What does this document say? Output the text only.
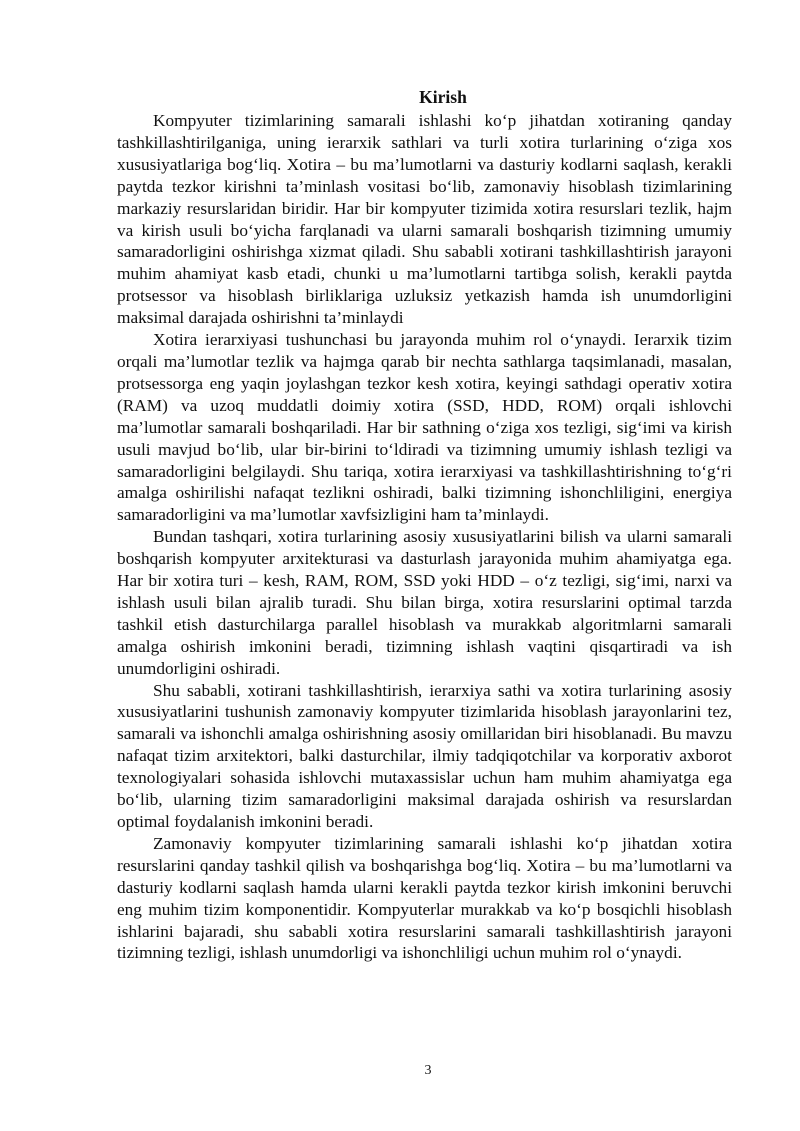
Kirish

Kompyuter tizimlarining samarali ishlashi ko‘p jihatdan xotiraning qanday tashkillashtirilganiga, uning ierarxik sathlari va turli xotira turlarining o‘ziga xos xususiyatlariga bog‘liq. Xotira – bu ma’lumotlarni va dasturiy kodlarni saqlash, kerakli paytda tezkor kirishni ta’minlash vositasi bo‘lib, zamonaviy hisoblash tizimlarining markaziy resurslaridan biridir. Har bir kompyuter tizimida xotira resurslari tezlik, hajm va kirish usuli bo‘yicha farqlanadi va ularni samarali boshqarish tizimning umumiy samaradorligini oshirishga xizmat qiladi. Shu sababli xotirani tashkillashtirish jarayoni muhim ahamiyat kasb etadi, chunki u ma’lumotlarni tartibga solish, kerakli paytda protsessor va hisoblash birliklariga uzluksiz yetkazish hamda ish unumdorligini maksimal darajada oshirishni ta’minlaydi

Xotira ierarxiyasi tushunchasi bu jarayonda muhim rol o‘ynaydi. Ierarxik tizim orqali ma’lumotlar tezlik va hajmga qarab bir nechta sathlarga taqsimlanadi, masalan, protsessorga eng yaqin joylashgan tezkor kesh xotira, keyingi sathdagi operativ xotira (RAM) va uzoq muddatli doimiy xotira (SSD, HDD, ROM) orqali ishlovchi ma’lumotlar samarali boshqariladi. Har bir sathning o‘ziga xos tezligi, sig‘imi va kirish usuli mavjud bo‘lib, ular bir-birini to‘ldiradi va tizimning umumiy ishlash tezligi va samaradorligini belgilaydi. Shu tariqa, xotira ierarxiyasi va tashkillashtirishning to‘g‘ri amalga oshirilishi nafaqat tezlikni oshiradi, balki tizimning ishonchliligini, energiya samaradorligini va ma’lumotlar xavfsizligini ham ta’minlaydi.

Bundan tashqari, xotira turlarining asosiy xususiyatlarini bilish va ularni samarali boshqarish kompyuter arxitekturasi va dasturlash jarayonida muhim ahamiyatga ega. Har bir xotira turi – kesh, RAM, ROM, SSD yoki HDD – o‘z tezligi, sig‘imi, narxi va ishlash usuli bilan ajralib turadi. Shu bilan birga, xotira resurslarini optimal tarzda tashkil etish dasturchilarga parallel hisoblash va murakkab algoritmlarni samarali amalga oshirish imkonini beradi, tizimning ishlash vaqtini qisqartiradi va ish unumdorligini oshiradi.

Shu sababli, xotirani tashkillashtirish, ierarxiya sathi va xotira turlarining asosiy xususiyatlarini tushunish zamonaviy kompyuter tizimlarida hisoblash jarayonlarini tez, samarali va ishonchli amalga oshirishning asosiy omillaridan biri hisoblanadi. Bu mavzu nafaqat tizim arxitektori, balki dasturchilar, ilmiy tadqiqotchilar va korporativ axborot texnologiyalari sohasida ishlovchi mutaxassislar uchun ham muhim ahamiyatga ega bo‘lib, ularning tizim samaradorligini maksimal darajada oshirish va resurslardan optimal foydalanish imkonini beradi.

Zamonaviy kompyuter tizimlarining samarali ishlashi ko‘p jihatdan xotira resurslarini qanday tashkil qilish va boshqarishga bog‘liq. Xotira – bu ma’lumotlarni va dasturiy kodlarni saqlash hamda ularni kerakli paytda tezkor kirish imkonini beruvchi eng muhim tizim komponentidir. Kompyuterlar murakkab va ko‘p bosqichli hisoblash ishlarini bajaradi, shu sababli xotira resurslarini samarali tashkillashtirish jarayoni tizimning tezligi, ishlash unumdorligi va ishonchliligi uchun muhim rol o‘ynaydi.

3
